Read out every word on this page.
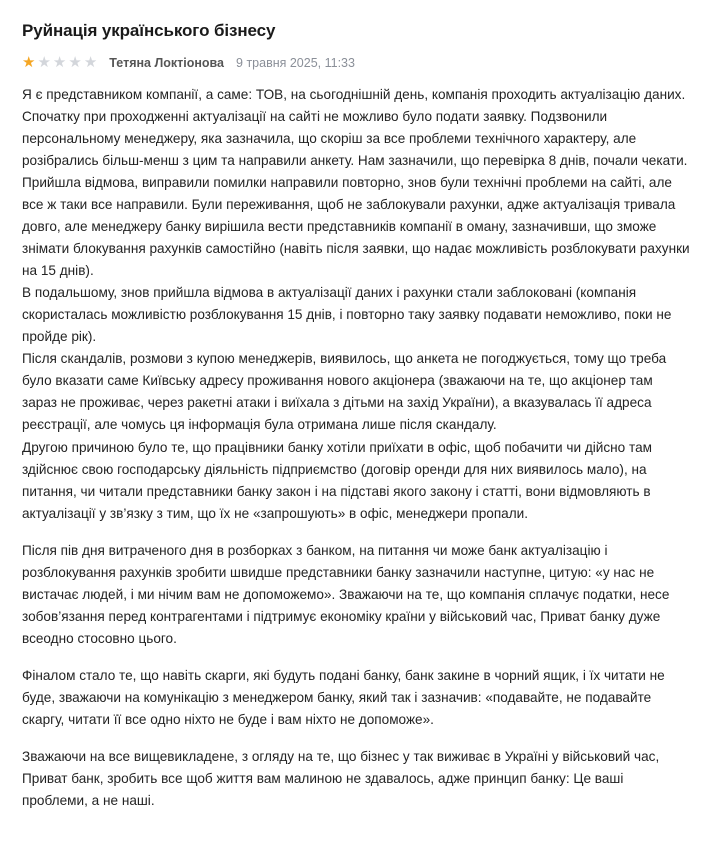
Руйнація українського бізнесу
★ ★ ★ ★ ★ Тетяна Локтіонова 9 травня 2025, 11:33

Я є представником компанії, а саме: ТОВ, на сьогоднішній день, компанія проходить актуалізацію даних. Спочатку при проходженні актуалізації на сайті не можливо було подати заявку. Подзвонили персональному менеджеру, яка зазначила, що скоріш за все проблеми технічного характеру, але розібрались більш-менш з цим та направили анкету. Нам зазначили, що перевірка 8 днів, почали чекати. Прийшла відмова, виправили помилки направили повторно, знов були технічні проблеми на сайті, але все ж таки все направили. Були переживання, щоб не заблокували рахунки, адже актуалізація тривала довго, але менеджеру банку вирішила вести представників компанії в оману, зазначивши, що зможе знімати блокування рахунків самостійно (навіть після заявки, що надає можливість розблокувати рахунки на 15 днів).

В подальшому, знов прийшла відмова в актуалізації даних і рахунки стали заблоковані (компанія скористалась можливістю розблокування 15 днів, і повторно таку заявку подавати неможливо, поки не пройде рік).

Після скандалів, розмови з купою менеджерів, виявилось, що анкета не погоджується, тому що треба було вказати саме Київську адресу проживання нового акціонера (зважаючи на те, що акціонер там зараз не проживає, через ракетні атаки і виїхала з дітьми на захід України), а вказувалась її адреса реєстрації, але чомусь ця інформація була отримана лише після скандалу.

Другою причиною було те, що працівники банку хотіли приїхати в офіс, щоб побачити чи дійсно там здійснює свою господарську діяльність підприємство (договір оренди для них виявилось мало), на питання, чи читали представники банку закон і на підставі якого закону і статті, вони відмовляють в актуалізації у зв’язку з тим, що їх не «запрошують» в офіс, менеджери пропали.

Після пів дня витраченого дня в розборках з банком, на питання чи може банк актуалізацію і розблокування рахунків зробити швидше представники банку зазначили наступне, цитую: «у нас не вистачає людей, і ми нічим вам не допоможемо». Зважаючи на те, що компанія сплачує податки, несе зобов’язання перед контрагентами і підтримує економіку країни у військовий час, Приват банку дуже всеодно стосовно цього.

Фіналом стало те, що навіть скарги, які будуть подані банку, банк закине в чорний ящик, і їх читати не буде, зважаючи на комунікацію з менеджером банку, який так і зазначив: «подавайте, не подавайте скаргу, читати її все одно ніхто не буде і вам ніхто не допоможе».

Зважаючи на все вищевикладене, з огляду на те, що бізнес у так виживає в Україні у військовий час, Приват банк, зробить все щоб життя вам малиною не здавалось, адже принцип банку: Це ваші проблеми, а не наші.
